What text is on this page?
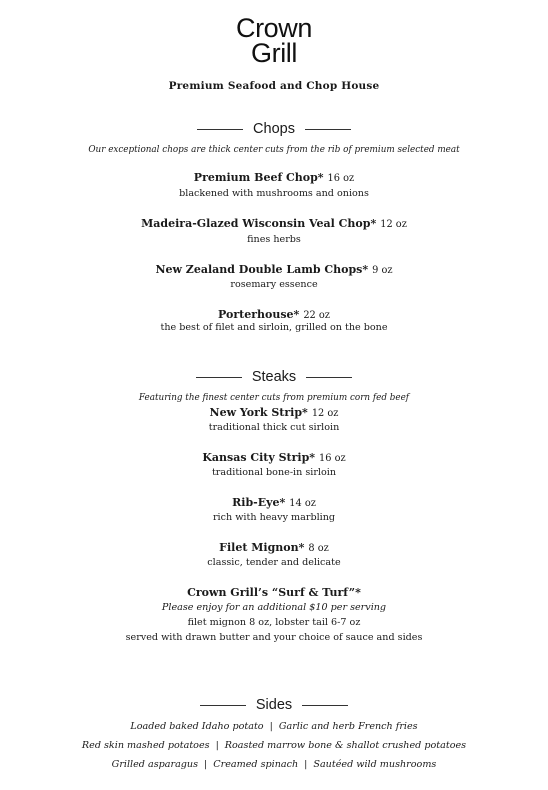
Crown
Grill
Premium Seafood and Chop House
Chops
Our exceptional chops are thick center cuts from the rib of premium selected meat
Premium Beef Chop* 16 oz
blackened with mushrooms and onions
Madeira-Glazed Wisconsin Veal Chop* 12 oz
fines herbs
New Zealand Double Lamb Chops* 9 oz
rosemary essence
Porterhouse* 22 oz
the best of filet and sirloin, grilled on the bone
Steaks
Featuring the finest center cuts from premium corn fed beef
New York Strip* 12 oz
traditional thick cut sirloin
Kansas City Strip* 16 oz
traditional bone-in sirloin
Rib-Eye* 14 oz
rich with heavy marbling
Filet Mignon* 8 oz
classic, tender and delicate
Crown Grill’s “Surf & Turf”*
Please enjoy for an additional $10 per serving
filet mignon 8 oz, lobster tail 6-7 oz
served with drawn butter and your choice of sauce and sides
Sides
Loaded baked Idaho potato | Garlic and herb French fries
Red skin mashed potatoes | Roasted marrow bone & shallot crushed potatoes
Grilled asparagus | Creamed spinach | Sautéed wild mushrooms
